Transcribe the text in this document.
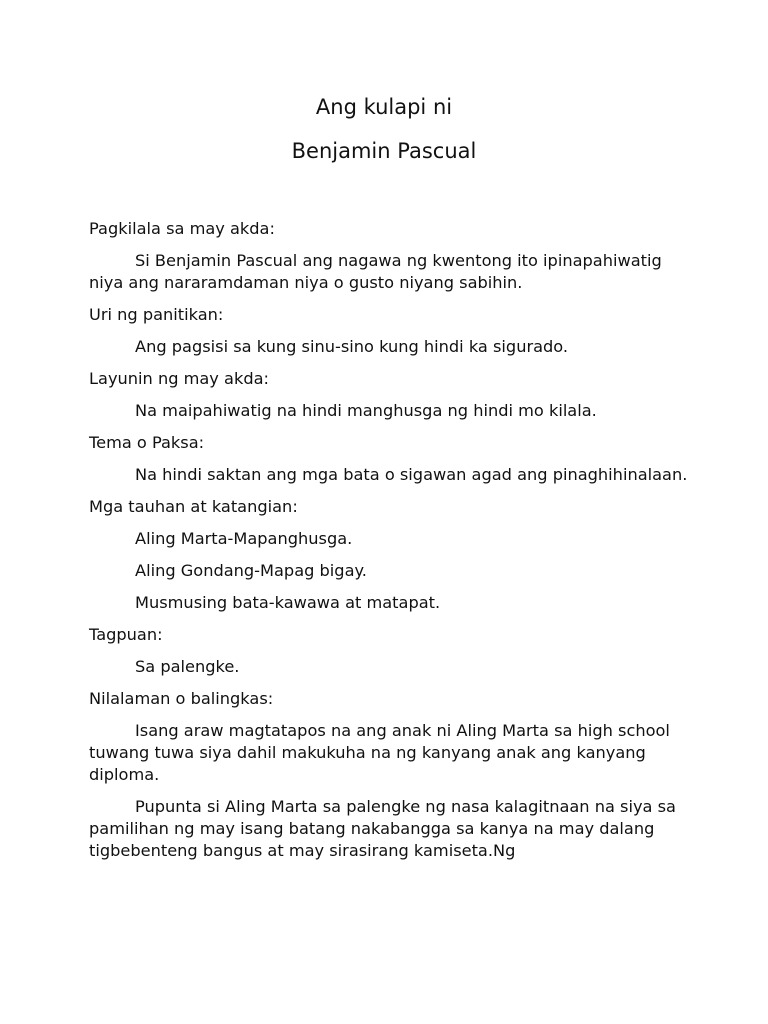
Ang kulapi ni
Benjamin Pascual

Pagkilala sa may akda:

Si Benjamin Pascual ang nagawa ng kwentong ito ipinapahiwatig niya ang nararamdaman niya o gusto niyang sabihin.

Uri ng panitikan:

Ang pagsisi sa kung sinu-sino kung hindi ka sigurado.

Layunin ng may akda:

Na maipahiwatig na hindi manghusga ng hindi mo kilala.

Tema o Paksa:

Na hindi saktan ang mga bata o sigawan agad ang pinaghihinalaan.

Mga tauhan at katangian:

Aling Marta-Mapanghusga.

Aling Gondang-Mapag bigay.

Musmusing bata-kawawa at matapat.

Tagpuan:

Sa palengke.

Nilalaman o balingkas:

Isang araw magtatapos na ang anak ni Aling Marta sa high school tuwang tuwa siya dahil makukuha na ng kanyang anak ang kanyang diploma.

Pupunta si Aling Marta sa palengke ng nasa kalagitnaan na siya sa pamilihan ng may isang batang nakabangga sa kanya na may dalang tigbebenteng bangus at may sirasirang kamiseta.Ng
